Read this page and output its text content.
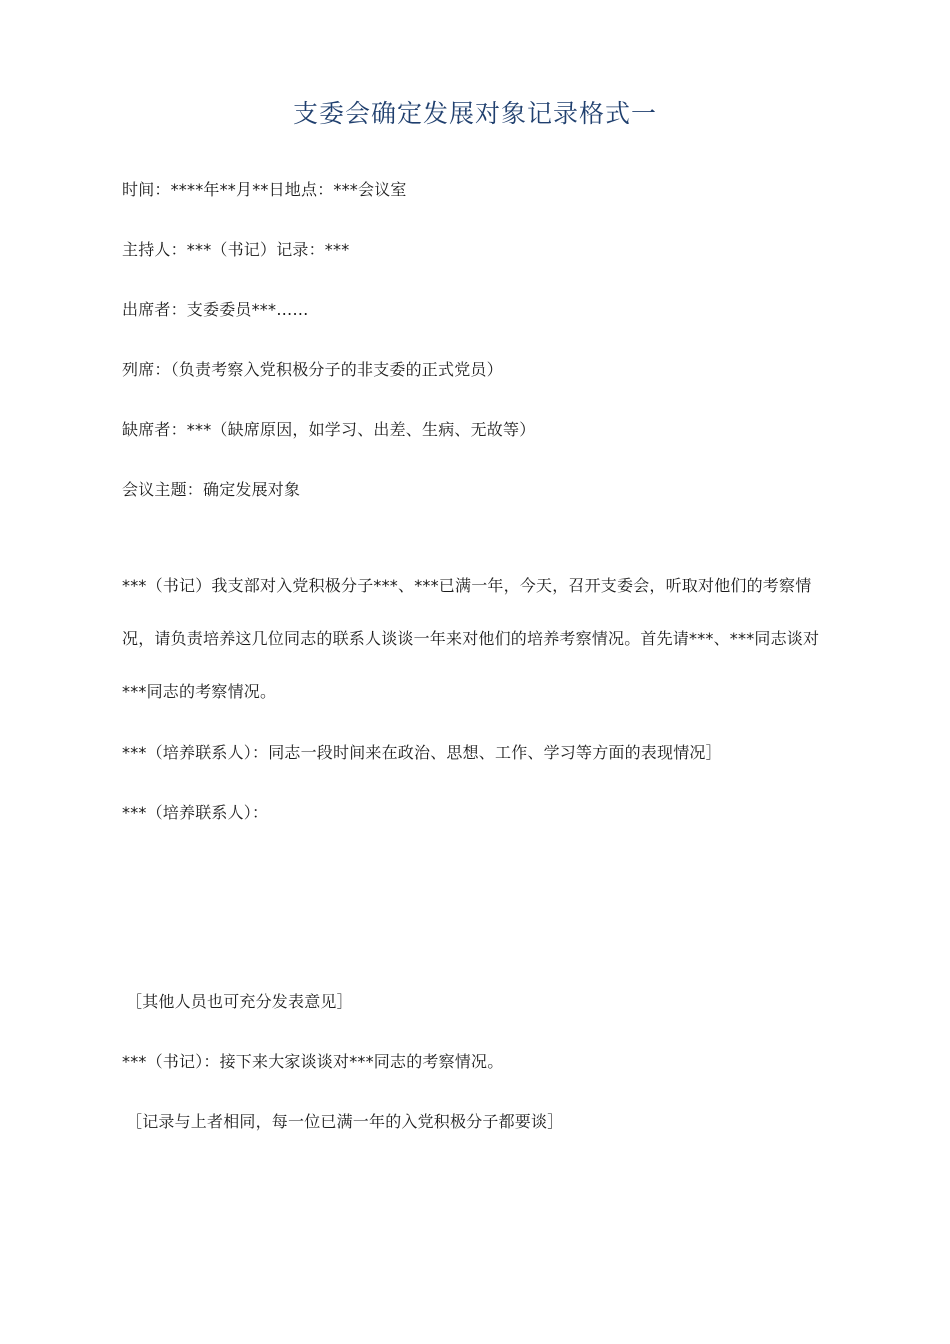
支委会确定发展对象记录格式一
时间：****年**月**日地点：***会议室
主持人：***（书记）记录：***
出席者：支委委员***……
列席：（负责考察入党积极分子的非支委的正式党员）
缺席者：***（缺席原因，如学习、出差、生病、无故等）
会议主题：确定发展对象
***（书记）我支部对入党积极分子***、***已满一年，今天，召开支委会，听取对他们的考察情况，请负责培养这几位同志的联系人谈谈一年来对他们的培养考察情况。首先请***、***同志谈对***同志的考察情况。
***（培养联系人）：同志一段时间来在政治、思想、工作、学习等方面的表现情况］
***（培养联系人）：
［其他人员也可充分发表意见］
***（书记）：接下来大家谈谈对***同志的考察情况。
［记录与上者相同，每一位已满一年的入党积极分子都要谈］
